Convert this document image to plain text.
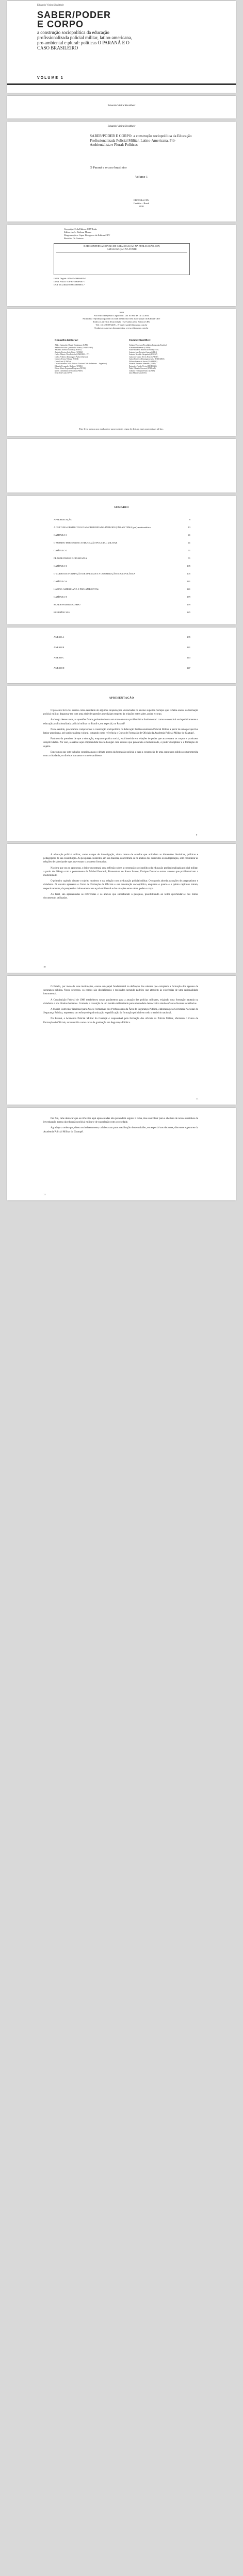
Eduardo Vieira Sévaltheir
SABER/PODER
E CORPO
a construção sociopolítica da educação profissionalizada policial militar, latino-americana, pro-ambiental e plural: políticas O PARANÁ E O CASO BRASILEIRO
VOLUME 1
Eduardo Vieira Sévaltheir
Eduardo Vieira Sévaltheir
SABER/PODER E CORPO: a construção sociopolítica da Educação Profissionalizada Policial Militar, Latino-Americana, Pró-Ambientalista e Plural: Políticas
O Paraná e o caso brasileiro
Volume 1
EDITORA CRV
Curitiba – Brasil
2020
Copyright © da Editora CRV Ltda.
Editor-chefe: Railson Moura
Diagramação e Capa: Designers da Editora CRV
Revisão: Os Autores
DADOS INTERNACIONAIS DE CATALOGAÇÃO NA PUBLICAÇÃO (CIP)
CATALOGAÇÃO NA FONTE
ISBN Digital: 978-65-5868-000-0
ISBN Físico: 978-65-5868-001-7
DOI: 10.24824/978655868001.7
2020
Foi feito o Depósito Legal conf. Lei 10.994 de 14/12/2004
Proibida a reprodução parcial ou total desta obra sem autorização da Editora CRV
Todos os direitos desta edição reservados pela: Editora CRV
Tel.: (41) 3039-6418 – E-mail: sac@editoracrv.com.br
Conheça os nossos lançamentos: www.editoracrv.com.br
Conselho Editorial:	Comitê Científico:
Aldira Guimarães Duarte Domínguez (UNB)
Andréia da Silva Quintanilha Sousa (UNIR/UFRN)
Anselmo Alencar Colares (UFOPA)
Antônio Pereira Gaio Júnior (UFRRJ)
Carlos Alberto Vilar Estêvão (UMINHO – PT)
Carlos Federico Dominguez Avila (Unieuro)
Carmen Tereza Velanga (UNIR)
Celso Conti (UFSCar)
Cesar Gerónimo Tello (Univer. Nacional Três de Febrero – Argentina)
Eduardo Fernandes Barbosa (UFMG)
Elione Maria Nogueira Diogenes (UFAL)
Elizeu Clementino de Souza (UNEB)
Élsio José Corá (UFFS)
Adriane Piovezan (Faculdades Integradas Espírita)
Alexandre Pierezan (UFMS)
Andre Eduardo Ribeiro da Silva (IFSP)
Antonio Jose Teixeira Guerra (UFRJ)
Antonio Nivaldo Hespanhol (UNESP)
Carlos de Castro Neves Neto (UNESP)
Carlos Federico Dominguez Avila (UNIEURO)
Edilson Soares de Souza (FABAPAR)
Eduardo Pimentel Menezes (UERJ)
Euripedes Falcão Vieira (IHGRRGS)
Fabio Eduardo Cressoni (UNILAB)
Gilmara Yoshihara Franco (UNIR)
Jairo Marchesan (UNC)
Este livro passou por avaliação e aprovação às cegas de dois ou mais pareceristas ad hoc.
SUMÁRIO
APRESENTAÇÃO	9
A CULTURA OBSTRUTIVA DA MODERNIDADE: INTRODUÇÃO AO TEMA (pré)-ambientalista	13
CAPÍTULO 1	41
O SUJEITO MODERNO E A EDUCAÇÃO POLICIAL MILITAR	41
CAPÍTULO 2	71
PRAGMATISMO E CIDADANIA	71
CAPÍTULO 3	105
O CURSO DE FORMAÇÃO DE OFICIAIS E A CONSTRUÇÃO SOCIOPOLÍTICA	105
CAPÍTULO 4	141
LATINO-AMERICANA E PRÓ-AMBIENTAL	141
CAPÍTULO 5	179
SABER/PODER E CORPO	179
REFERÊNCIAS	225
ANEXO A	235
ANEXO B	241
ANEXO C	243
ANEXO D	247
APRESENTAÇÃO

O presente livro foi escrito como resultado de algumas inquietações vivenciadas no ensino superior. Sempre que refletia acerca da formação policial militar, deparava-me com uma série de questões que diziam respeito às relações entre saber, poder e corpo.

Ao longo desses anos, as questões foram ganhando forma em torno de uma problemática fundamental: como se constitui sociopoliticamente a educação profissionalizada policial militar no Brasil e, em especial, no Paraná?

Neste sentido, procuramos compreender a construção sociopolítica da Educação Profissionalizada Policial Militar a partir de uma perspectiva latino-americana, pró-ambientalista e plural, tomando como referência o Curso de Formação de Oficiais da Academia Policial Militar do Guatupê.

Partimos da premissa de que a educação, enquanto prática social, está inserida em relações de poder que atravessam os corpos e produzem subjetividades. Por isso, a análise aqui empreendida busca dialogar com autores que pensaram a modernidade, o poder disciplinar e a formação do sujeito.

Esperamos que este trabalho contribua para o debate acerca da formação policial e para a construção de uma segurança pública comprometida com a cidadania, os direitos humanos e o meio ambiente.

9

A educação policial militar, como campo de investigação, ainda carece de estudos que articulem as dimensões históricas, políticas e pedagógicas de sua constituição. As pesquisas existentes, em sua maioria, concentram-se na análise dos currículos ou da legislação, sem considerar as relações de saber/poder que atravessam o processo formativo.

Na obra que ora se apresenta, o leitor encontrará uma reflexão sobre a construção sociopolítica da educação profissionalizada policial militar, a partir do diálogo com o pensamento de Michel Foucault, Boaventura de Sousa Santos, Enrique Dussel e outros autores que problematizam a modernidade.

O primeiro capítulo discute o sujeito moderno e sua relação com a educação policial militar. O segundo aborda as noções de pragmatismo e cidadania. O terceiro apresenta o Curso de Formação de Oficiais e sua construção sociopolítica, enquanto o quarto e o quinto capítulos tratam, respectivamente, da perspectiva latino-americana e pró-ambiental e das relações entre saber, poder e corpo.

Ao final, são apresentadas as referências e os anexos que subsidiaram a pesquisa, possibilitando ao leitor aprofundar-se nas fontes documentais utilizadas.

10

O Estado, por meio de suas instituições, exerce um papel fundamental na definição dos saberes que compõem a formação dos agentes de segurança pública. Nesse processo, os corpos são disciplinados e moldados segundo padrões que atendem às exigências de uma racionalidade instrumental.

A Constituição Federal de 1988 estabeleceu novos parâmetros para a atuação das polícias militares, exigindo uma formação pautada na cidadania e nos direitos humanos. Contudo, a transição de um modelo militarizado para um modelo democrático ainda enfrenta diversas resistências.

A Matriz Curricular Nacional para Ações Formativas dos Profissionais da Área de Segurança Pública, elaborada pela Secretaria Nacional de Segurança Pública, representa um esforço de padronização e qualificação da formação policial em todo o território nacional.

No Paraná, a Academia Policial Militar do Guatupê é responsável pela formação dos oficiais da Polícia Militar, ofertando o Curso de Formação de Oficiais, reconhecido como curso de graduação em Segurança Pública.

11

Por fim, cabe destacar que as reflexões aqui apresentadas não pretendem esgotar o tema, mas contribuir para a abertura de novos caminhos de investigação acerca da educação policial militar e de sua relação com a sociedade.

Agradeço a todos que, direta ou indiretamente, colaboraram para a realização deste trabalho, em especial aos docentes, discentes e gestores da Academia Policial Militar do Guatupê.

12
